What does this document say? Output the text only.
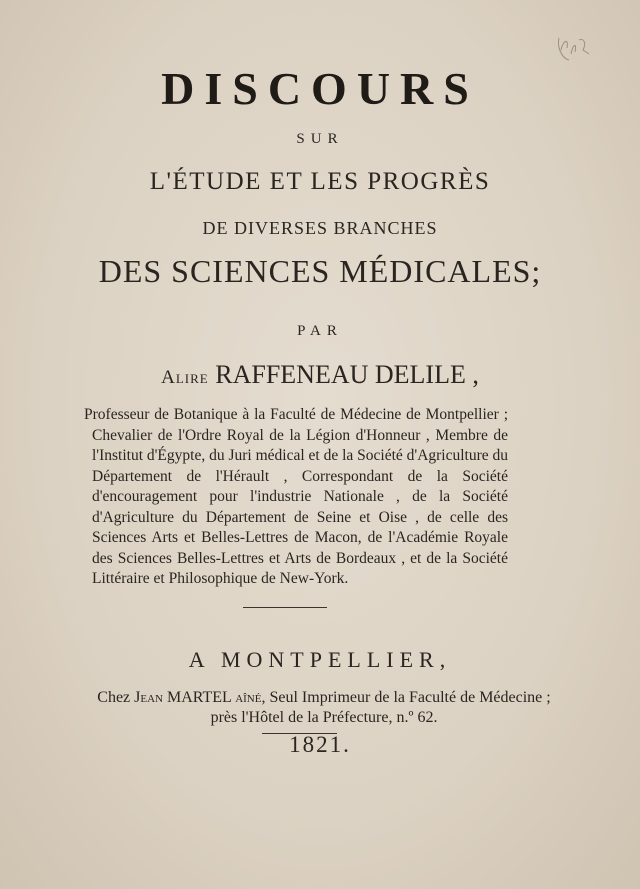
DISCOURS
SUR
L'ÉTUDE ET LES PROGRÈS
DE DIVERSES BRANCHES
DES SCIENCES MÉDICALES;
PAR
Alire RAFFENEAU DELILE ,
Professeur de Botanique à la Faculté de Médecine de Montpellier ; Chevalier de l'Ordre Royal de la Légion d'Honneur , Membre de l'Institut d'Égypte, du Juri médical et de la Société d'Agriculture du Département de l'Hérault , Correspondant de la Société d'encouragement pour l'industrie Nationale , de la Société d'Agriculture du Département de Seine et Oise , de celle des Sciences Arts et Belles-Lettres de Macon, de l'Académie Royale des Sciences Belles-Lettres et Arts de Bordeaux , et de la Société Littéraire et Philosophique de New-York.
A MONTPELLIER,
Chez Jean MARTEL aîné, Seul Imprimeur de la Faculté de Médecine ;
près l'Hôtel de la Préfecture, n.º 62.
1821.
